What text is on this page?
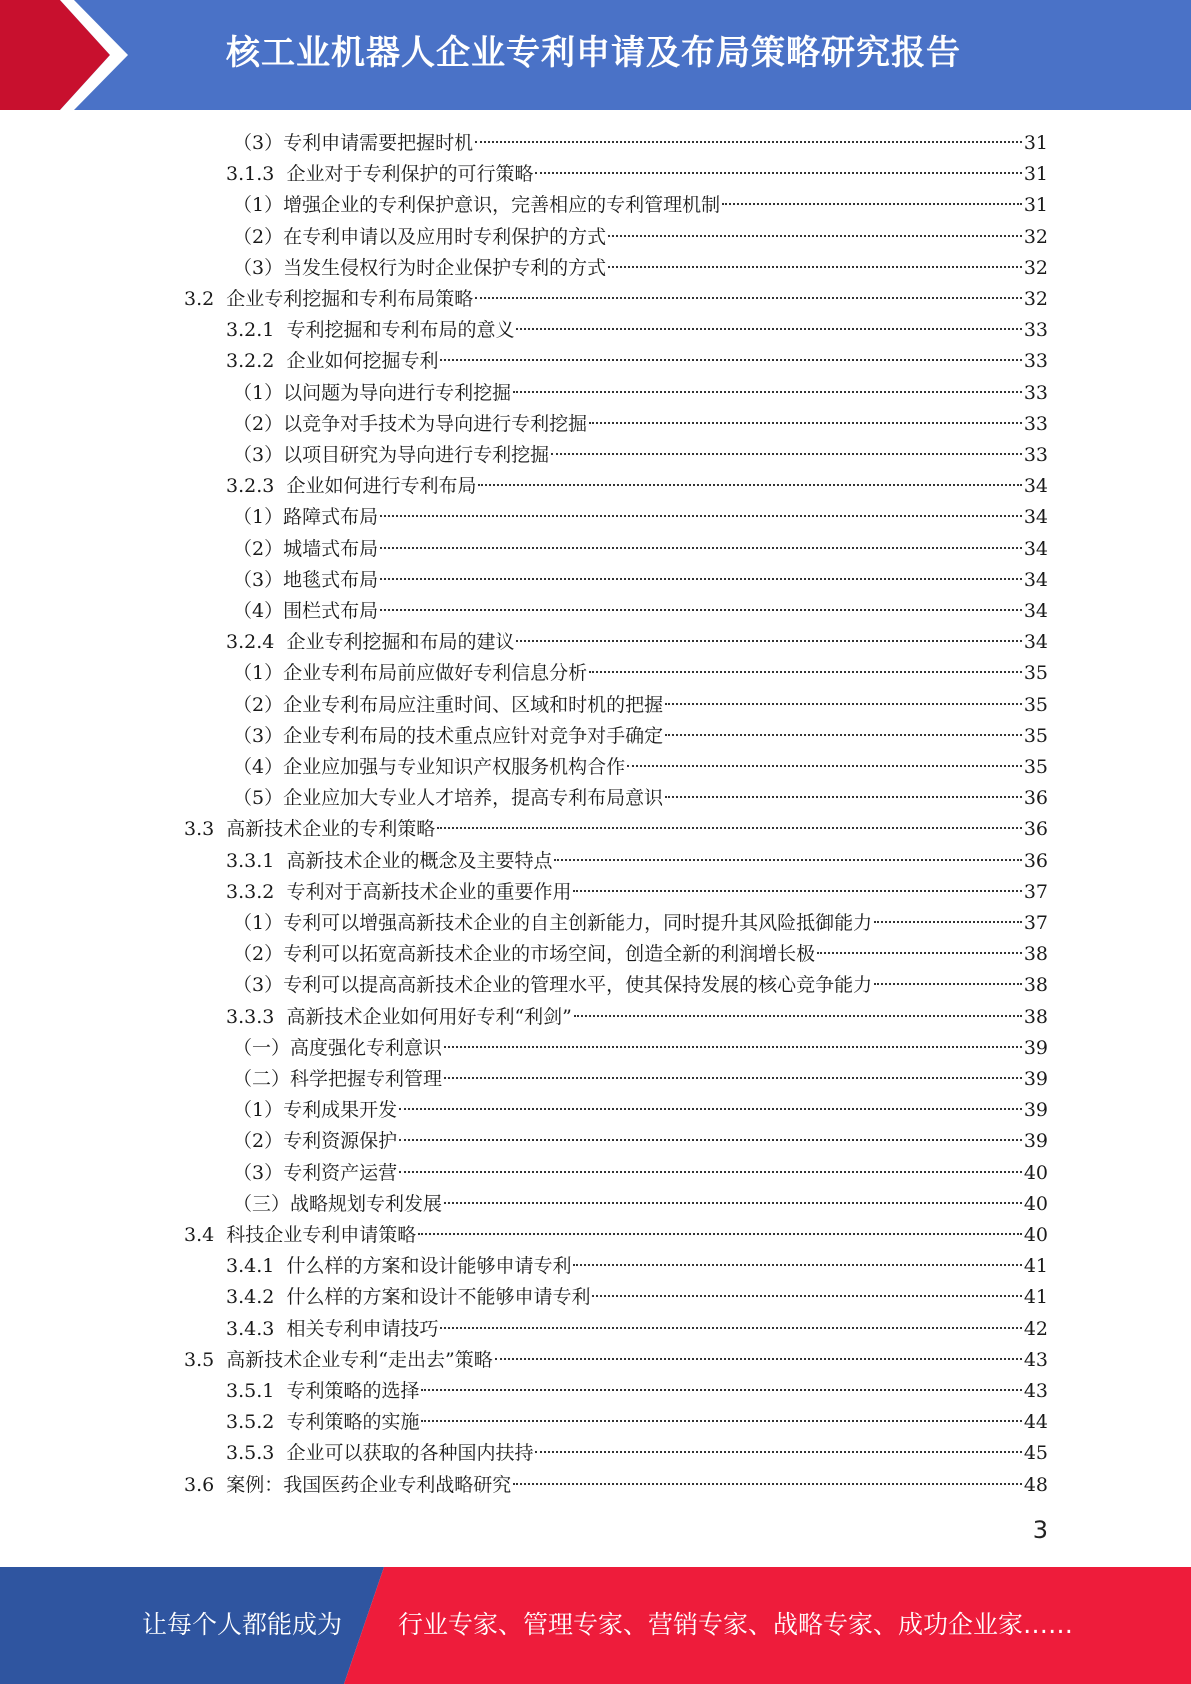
核工业机器人企业专利申请及布局策略研究报告
（3） 专利申请需要把握时机	31
3.1.3 企业对于专利保护的可行策略	31
（1） 增强企业的专利保护意识，完善相应的专利管理机制	31
（2） 在专利申请以及应用时专利保护的方式	32
（3） 当发生侵权行为时企业保护专利的方式	32
3.2 企业专利挖掘和专利布局策略	32
3.2.1 专利挖掘和专利布局的意义	33
3.2.2 企业如何挖掘专利	33
（1） 以问题为导向进行专利挖掘	33
（2） 以竞争对手技术为导向进行专利挖掘	33
（3） 以项目研究为导向进行专利挖掘	33
3.2.3 企业如何进行专利布局	34
（1） 路障式布局	34
（2） 城墙式布局	34
（3） 地毯式布局	34
（4） 围栏式布局	34
3.2.4 企业专利挖掘和布局的建议	34
（1） 企业专利布局前应做好专利信息分析	35
（2） 企业专利布局应注重时间、区域和时机的把握	35
（3） 企业专利布局的技术重点应针对竞争对手确定	35
（4） 企业应加强与专业知识产权服务机构合作	35
（5） 企业应加大专业人才培养，提高专利布局意识	36
3.3 高新技术企业的专利策略	36
3.3.1 高新技术企业的概念及主要特点	36
3.3.2 专利对于高新技术企业的重要作用	37
（1） 专利可以增强高新技术企业的自主创新能力，同时提升其风险抵御能力	37
（2） 专利可以拓宽高新技术企业的市场空间，创造全新的利润增长极	38
（3） 专利可以提高高新技术企业的管理水平，使其保持发展的核心竞争能力	38
3.3.3 高新技术企业如何用好专利“利剑”	38
（一） 高度强化专利意识	39
（二） 科学把握专利管理	39
（1） 专利成果开发	39
（2） 专利资源保护	39
（3） 专利资产运营	40
（三） 战略规划专利发展	40
3.4 科技企业专利申请策略	40
3.4.1 什么样的方案和设计能够申请专利	41
3.4.2 什么样的方案和设计不能够申请专利	41
3.4.3 相关专利申请技巧	42
3.5 高新技术企业专利“走出去”策略	43
3.5.1 专利策略的选择	43
3.5.2 专利策略的实施	44
3.5.3 企业可以获取的各种国内扶持	45
3.6 案例：我国医药企业专利战略研究	48
3
让每个人都能成为 行业专家、管理专家、营销专家、战略专家、成功企业家……
